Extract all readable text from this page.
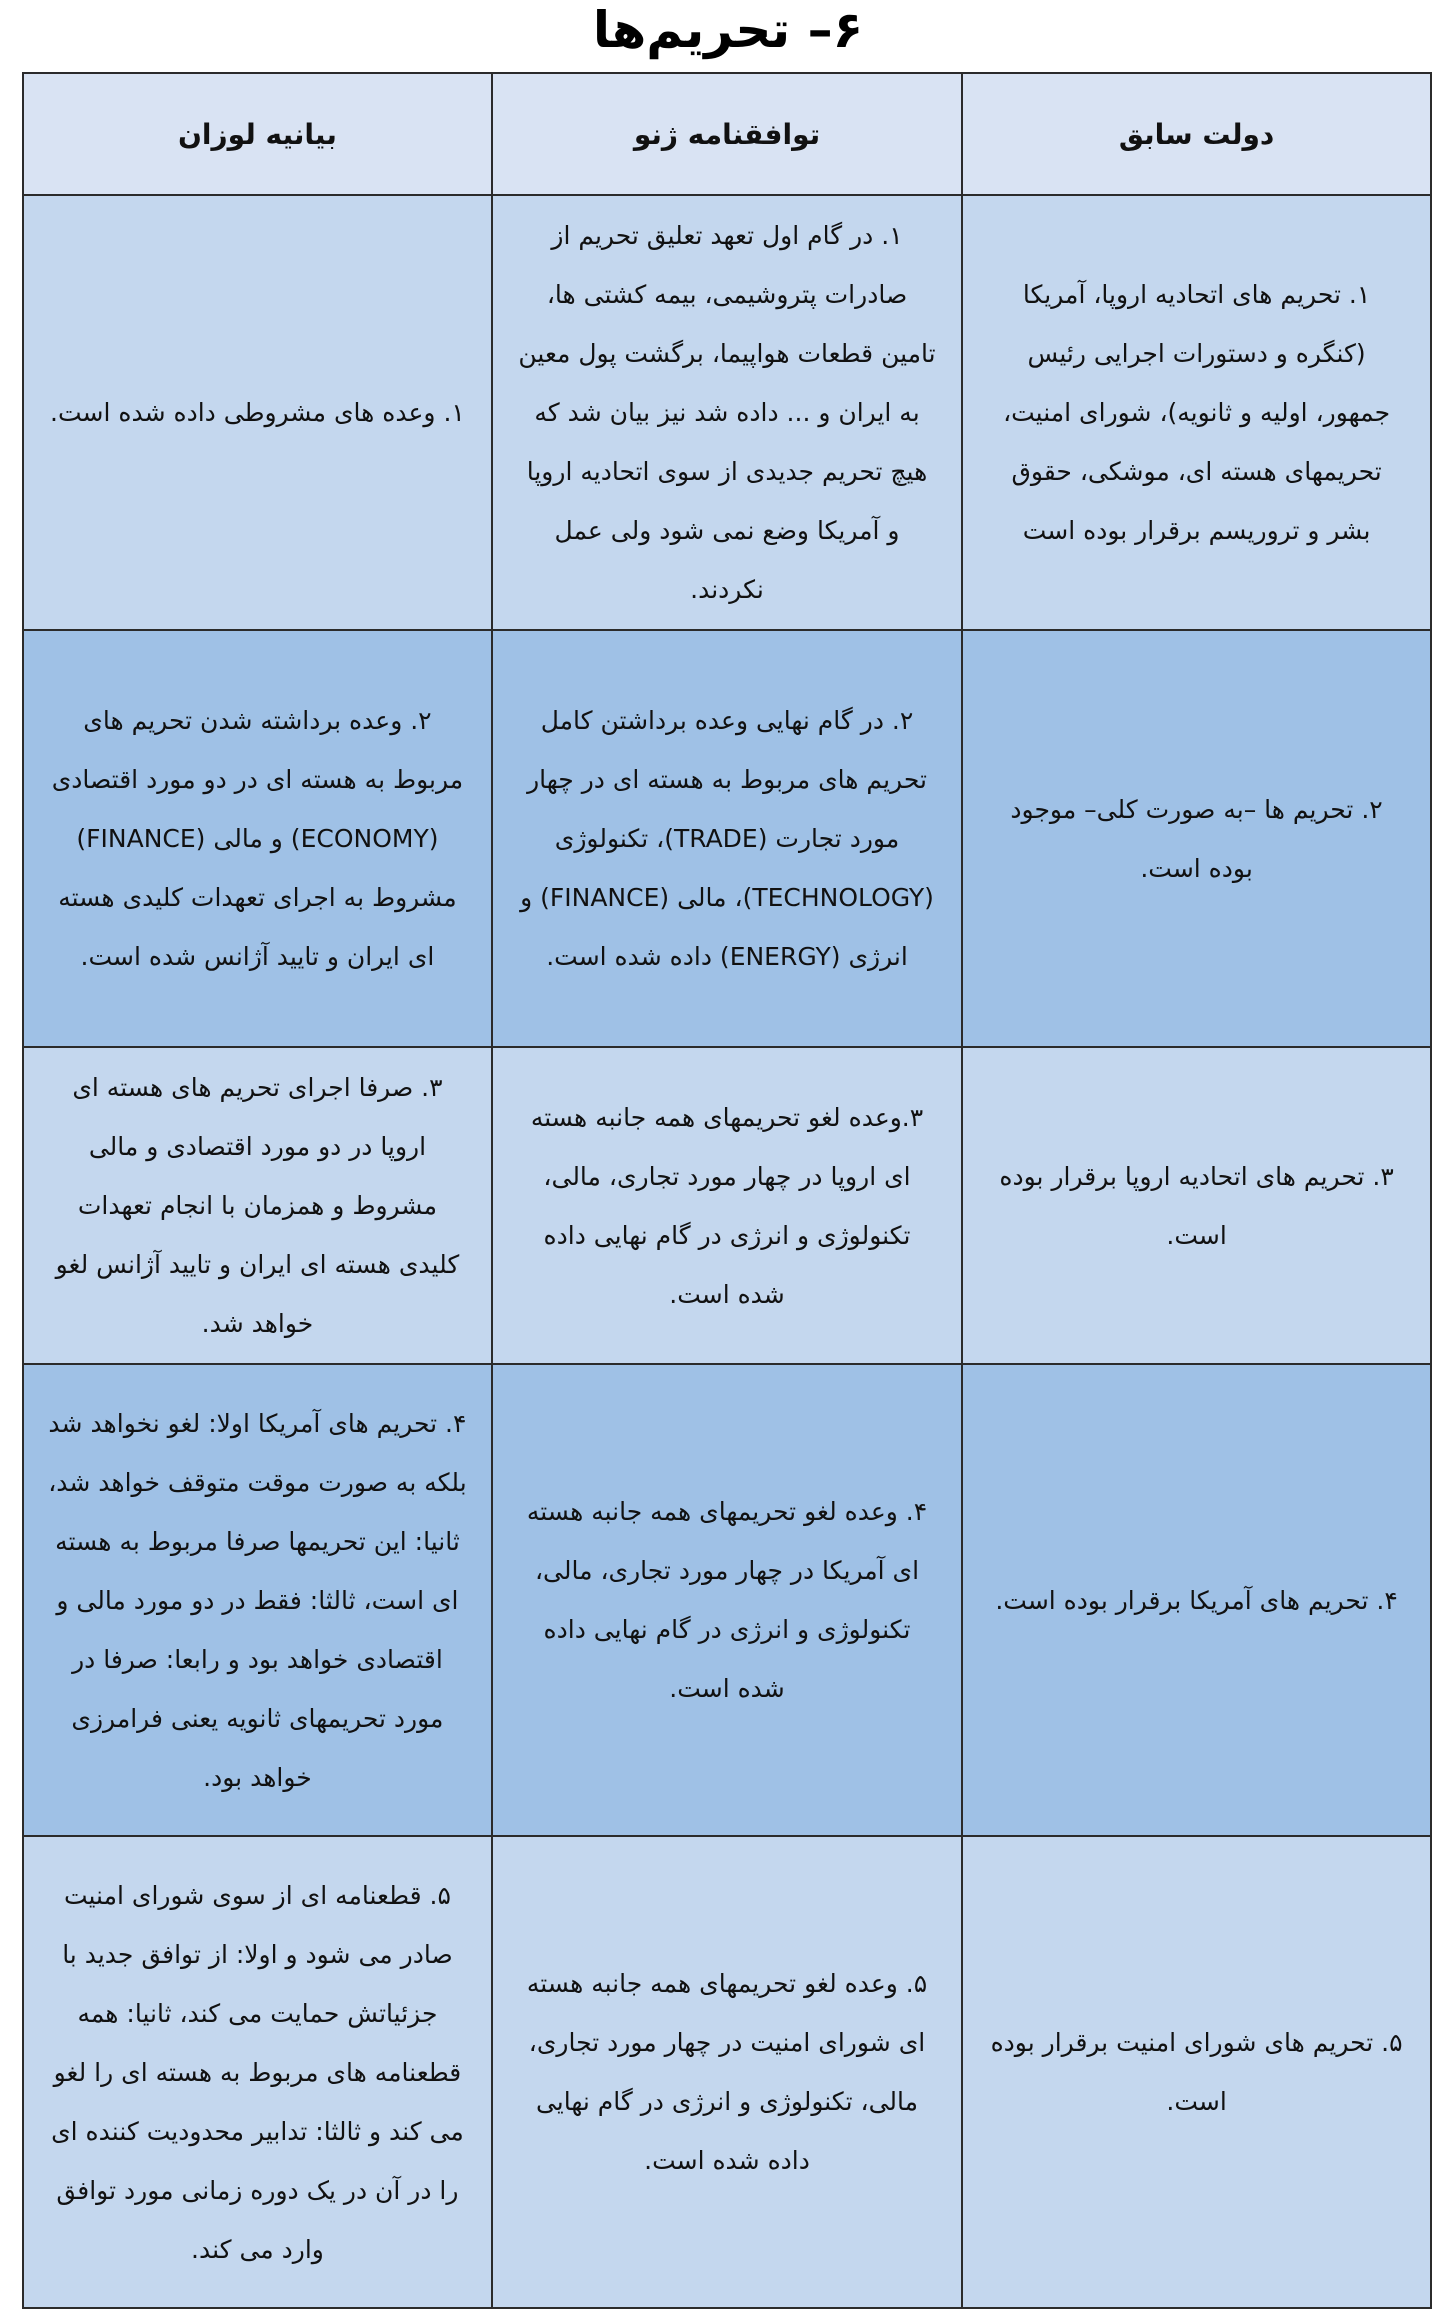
۶– تحریم‌ها
دولت سابق	توافقنامه ژنو	بیانیه لوزان
۱. تحریم های اتحادیه اروپا، آمریکا (کنگره و دستورات اجرایی رئیس جمهور، اولیه و ثانویه)، شورای امنیت، تحریمهای هسته ای، موشکی، حقوق بشر و تروریسم برقرار بوده است	۱. در گام اول تعهد تعلیق تحریم از صادرات پتروشیمی، بیمه کشتی ها، تامین قطعات هواپیما، برگشت پول معین به ایران و ... داده شد نیز بیان شد که هیچ تحریم جدیدی از سوی اتحادیه اروپا و آمریکا وضع نمی شود ولی عمل نکردند.	۱. وعده های مشروطی داده شده است.
۲. تحریم ها –به صورت کلی– موجود بوده است.	۲. در گام نهایی وعده برداشتن کامل تحریم های مربوط به هسته ای در چهار مورد تجارت (TRADE)، تکنولوژی (TECHNOLOGY)، مالی (FINANCE) و انرژی (ENERGY) داده شده است.	۲. وعده برداشته شدن تحریم های مربوط به هسته ای در دو مورد اقتصادی (ECONOMY) و مالی (FINANCE) مشروط به اجرای تعهدات کلیدی هسته ای ایران و تایید آژانس شده است.
۳. تحریم های اتحادیه اروپا برقرار بوده است.	۳.وعده لغو تحریمهای همه جانبه هسته ای اروپا در چهار مورد تجاری، مالی، تکنولوژی و انرژی در گام نهایی داده شده است.	۳. صرفا اجرای تحریم های هسته ای اروپا در دو مورد اقتصادی و مالی مشروط و همزمان با انجام تعهدات کلیدی هسته ای ایران و تایید آژانس لغو خواهد شد.
۴. تحریم های آمریکا برقرار بوده است.	۴. وعده لغو تحریمهای همه جانبه هسته ای آمریکا در چهار مورد تجاری، مالی، تکنولوژی و انرژی در گام نهایی داده شده است.	۴. تحریم های آمریکا اولا: لغو نخواهد شد بلکه به صورت موقت متوقف خواهد شد، ثانیا: این تحریمها صرفا مربوط به هسته ای است، ثالثا: فقط در دو مورد مالی و اقتصادی خواهد بود و رابعا: صرفا در مورد تحریمهای ثانویه یعنی فرامرزی خواهد بود.
۵. تحریم های شورای امنیت برقرار بوده است.	۵. وعده لغو تحریمهای همه جانبه هسته ای شورای امنیت در چهار مورد تجاری، مالی، تکنولوژی و انرژی در گام نهایی داده شده است.	۵. قطعنامه ای از سوی شورای امنیت صادر می شود و اولا: از توافق جدید با جزئیاتش حمایت می کند، ثانیا: همه قطعنامه های مربوط به هسته ای را لغو می کند و ثالثا: تدابیر محدودیت کننده ای را در آن در یک دوره زمانی مورد توافق وارد می کند.
